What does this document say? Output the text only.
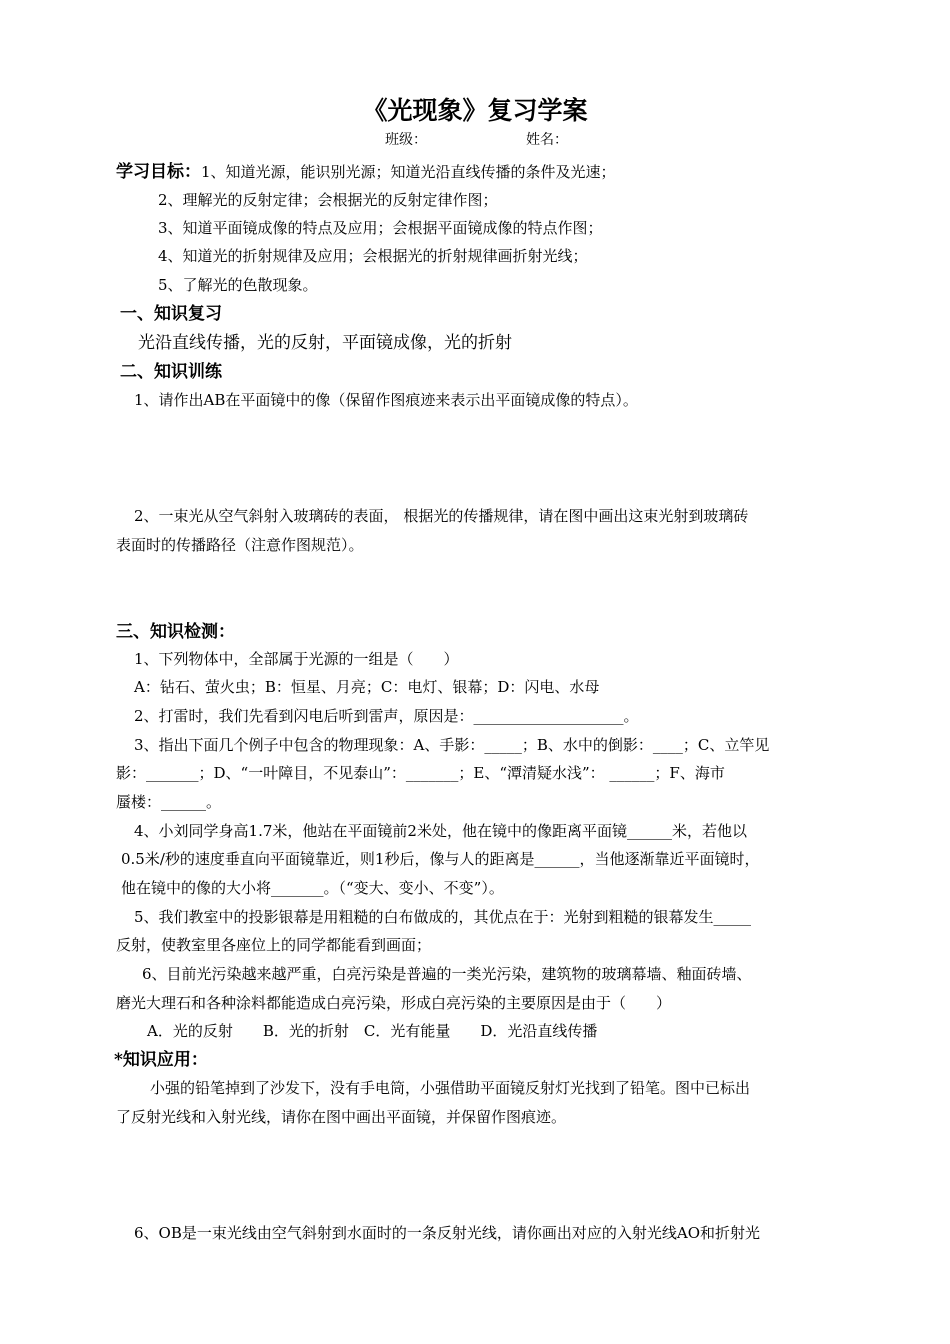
《光现象》复习学案
班级：	姓名：
学习目标：1、知道光源，能识别光源；知道光沿直线传播的条件及光速；
2、理解光的反射定律；会根据光的反射定律作图；
3、知道平面镜成像的特点及应用；会根据平面镜成像的特点作图；
4、知道光的折射规律及应用；会根据光的折射规律画折射光线；
5、了解光的色散现象。
一、知识复习
光沿直线传播，光的反射，平面镜成像，光的折射
二、知识训练
1、请作出AB在平面镜中的像（保留作图痕迹来表示出平面镜成像的特点）。
2、一束光从空气斜射入玻璃砖的表面， 根据光的传播规律，请在图中画出这束光射到玻璃砖
表面时的传播路径（注意作图规范）。
三、知识检测：
1、下列物体中，全部属于光源的一组是（　　）
A：钻石、萤火虫；B：恒星、月亮；C：电灯、银幕；D：闪电、水母
2、打雷时，我们先看到闪电后听到雷声，原因是：____________________。
3、指出下面几个例子中包含的物理现象：A、手影：_____；B、水中的倒影：____；C、立竿见
影：_______；D、“一叶障目，不见泰山”：_______；E、“潭清疑水浅”： ______；F、海市
蜃楼：______。
4、小刘同学身高1.7米，他站在平面镜前2米处，他在镜中的像距离平面镜______米，若他以
0.5米/秒的速度垂直向平面镜靠近，则1秒后，像与人的距离是______，当他逐渐靠近平面镜时，
他在镜中的像的大小将_______。（“变大、变小、不变”）。
5、我们教室中的投影银幕是用粗糙的白布做成的，其优点在于：光射到粗糙的银幕发生_____
反射，使教室里各座位上的同学都能看到画面；
6、目前光污染越来越严重，白亮污染是普遍的一类光污染，建筑物的玻璃幕墙、釉面砖墙、
磨光大理石和各种涂料都能造成白亮污染，形成白亮污染的主要原因是由于（　　）
A．光的反射　　B．光的折射　C．光有能量　　D．光沿直线传播
*知识应用：
小强的铅笔掉到了沙发下，没有手电筒，小强借助平面镜反射灯光找到了铅笔。图中已标出
了反射光线和入射光线，请你在图中画出平面镜，并保留作图痕迹。
6、OB是一束光线由空气斜射到水面时的一条反射光线，请你画出对应的入射光线AO和折射光
